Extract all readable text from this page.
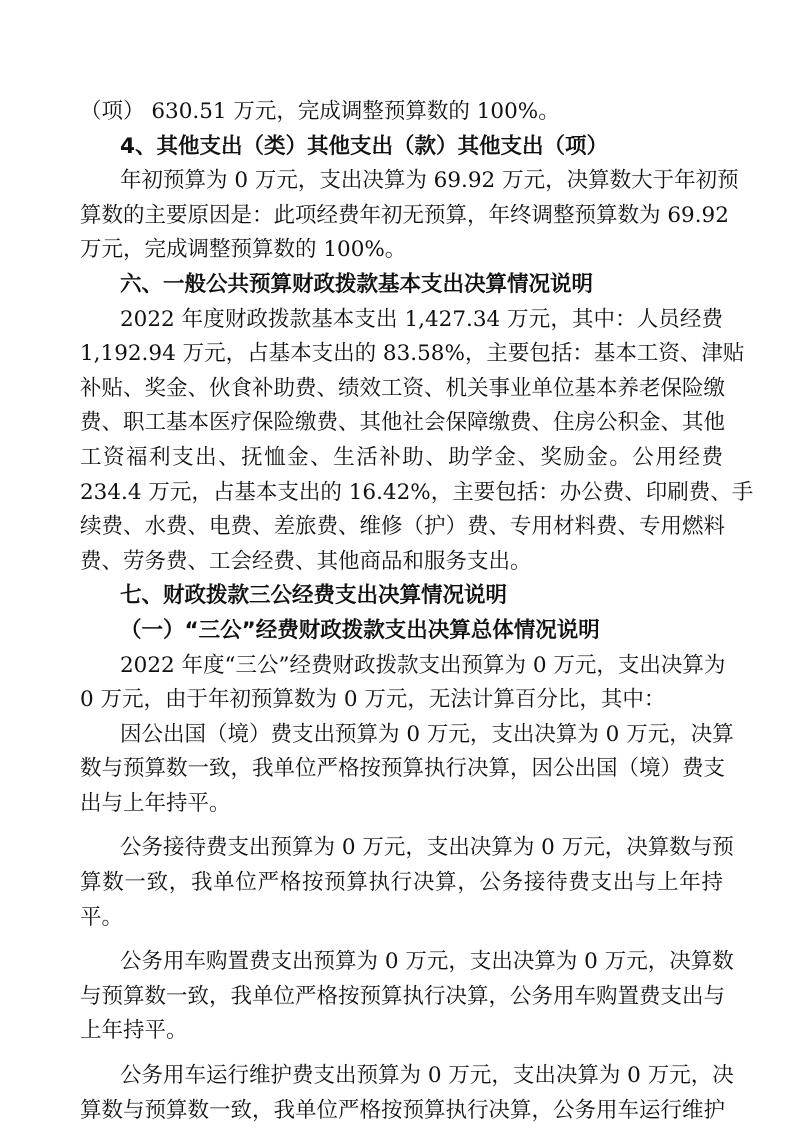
（项） 630.51 万元，完成调整预算数的 100%。
4、其他支出（类）其他支出（款）其他支出（项）
年初预算为 0 万元，支出决算为 69.92 万元，决算数大于年初预
算数的主要原因是：此项经费年初无预算，年终调整预算数为 69.92
万元，完成调整预算数的 100%。
六、一般公共预算财政拨款基本支出决算情况说明
2022 年度财政拨款基本支出 1,427.34 万元，其中：人员经费
1,192.94 万元，占基本支出的 83.58%，主要包括：基本工资、津贴
补贴、奖金、伙食补助费、绩效工资、机关事业单位基本养老保险缴
费、职工基本医疗保险缴费、其他社会保障缴费、住房公积金、其他
工资福利支出、抚恤金、生活补助、助学金、奖励金。公用经费
234.4 万元，占基本支出的 16.42%，主要包括：办公费、印刷费、手
续费、水费、电费、差旅费、维修（护）费、专用材料费、专用燃料
费、劳务费、工会经费、其他商品和服务支出。
七、财政拨款三公经费支出决算情况说明
（一）“三公”经费财政拨款支出决算总体情况说明
2022 年度“三公”经费财政拨款支出预算为 0 万元，支出决算为
0 万元，由于年初预算数为 0 万元，无法计算百分比，其中：
因公出国（境）费支出预算为 0 万元，支出决算为 0 万元，决算
数与预算数一致，我单位严格按预算执行决算，因公出国（境）费支
出与上年持平。
公务接待费支出预算为 0 万元，支出决算为 0 万元，决算数与预
算数一致，我单位严格按预算执行决算，公务接待费支出与上年持
平。
公务用车购置费支出预算为 0 万元，支出决算为 0 万元，决算数
与预算数一致，我单位严格按预算执行决算，公务用车购置费支出与
上年持平。
公务用车运行维护费支出预算为 0 万元，支出决算为 0 万元，决
算数与预算数一致，我单位严格按预算执行决算，公务用车运行维护
